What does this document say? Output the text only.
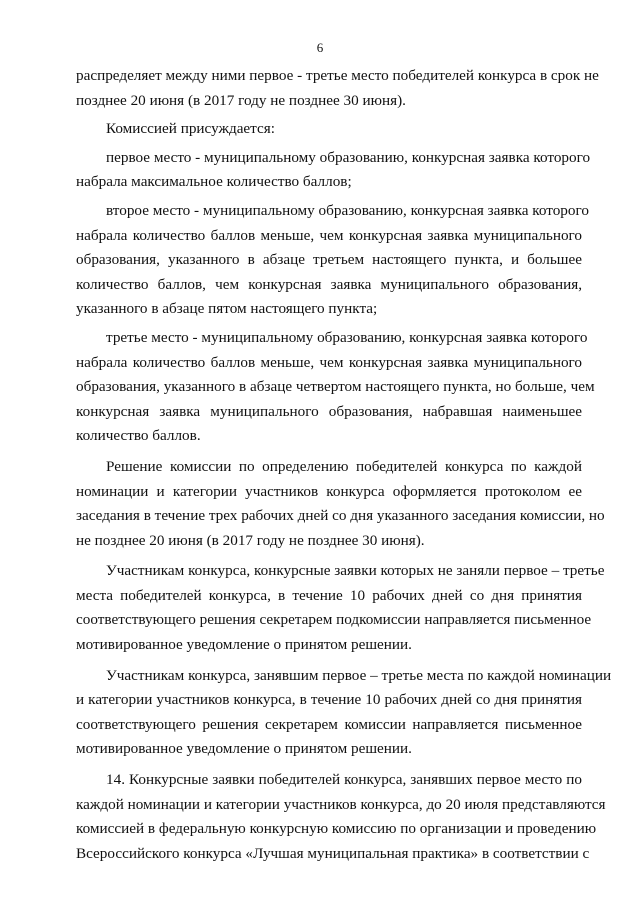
6
распределяет между ними первое - третье место победителей конкурса в срок не
позднее 20 июня (в 2017 году не позднее 30 июня).
Комиссией присуждается:
первое место - муниципальному образованию, конкурсная заявка которого
набрала максимальное количество баллов;
второе место - муниципальному образованию, конкурсная заявка которого
набрала количество баллов меньше, чем конкурсная заявка муниципального
образования, указанного в абзаце третьем настоящего пункта, и большее
количество баллов, чем конкурсная заявка муниципального образования,
указанного в абзаце пятом настоящего пункта;
третье место - муниципальному образованию, конкурсная заявка которого
набрала количество баллов меньше, чем конкурсная заявка муниципального
образования, указанного в абзаце четвертом настоящего пункта, но больше, чем
конкурсная заявка муниципального образования, набравшая наименьшее
количество баллов.
Решение комиссии по определению победителей конкурса по каждой
номинации и категории участников конкурса оформляется протоколом ее
заседания в течение трех рабочих дней со дня указанного заседания комиссии, но
не позднее 20 июня (в 2017 году не позднее 30 июня).
Участникам конкурса, конкурсные заявки которых не заняли первое – третье
места победителей конкурса, в течение 10 рабочих дней со дня принятия
соответствующего решения секретарем подкомиссии направляется письменное
мотивированное уведомление о принятом решении.
Участникам конкурса, занявшим первое – третье места по каждой номинации
и категории участников конкурса, в течение 10 рабочих дней со дня принятия
соответствующего решения секретарем комиссии направляется письменное
мотивированное уведомление о принятом решении.
14. Конкурсные заявки победителей конкурса, занявших первое место по
каждой номинации и категории участников конкурса, до 20 июля представляются
комиссией в федеральную конкурсную комиссию по организации и проведению
Всероссийского конкурса «Лучшая муниципальная практика» в соответствии с
